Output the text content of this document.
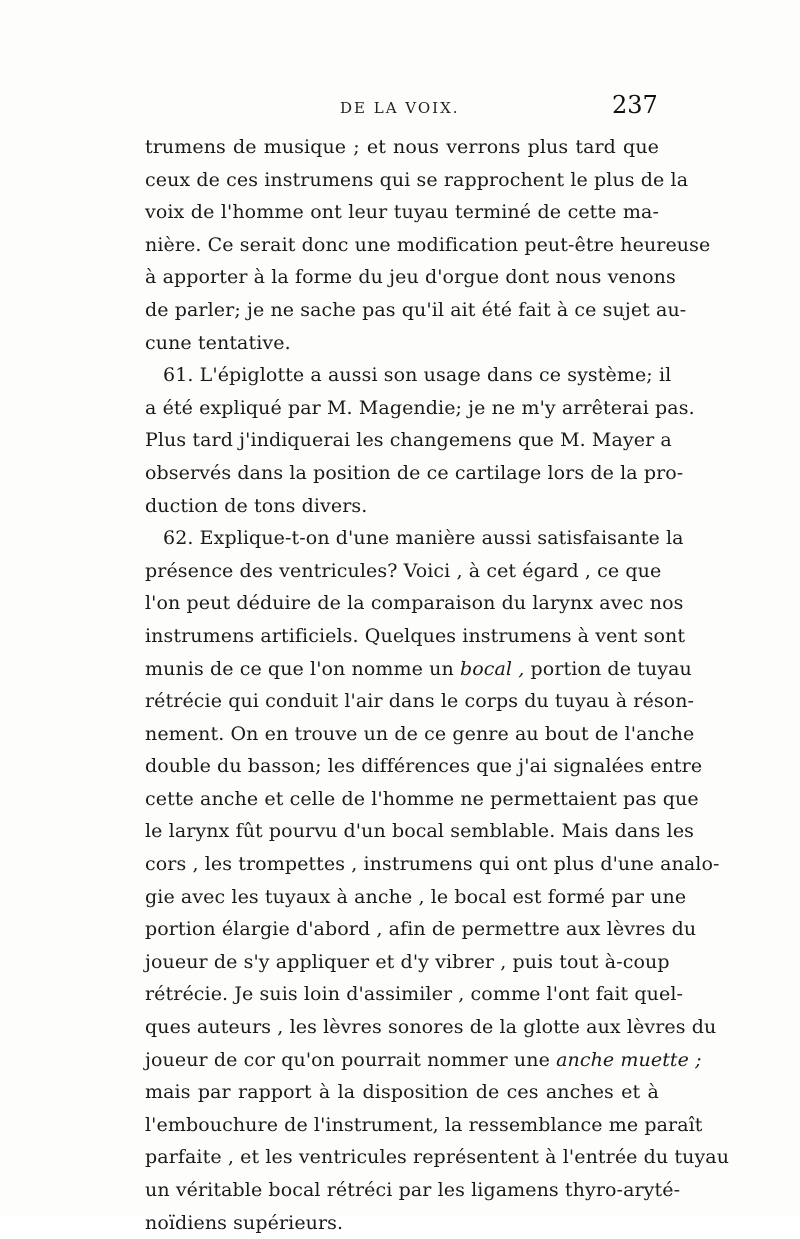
DE LA VOIX.	237
trumens de musique ; et nous verrons plus tard que
ceux de ces instrumens qui se rapprochent le plus de la
voix de l'homme ont leur tuyau terminé de cette ma-
nière. Ce serait donc une modification peut-être heureuse
à apporter à la forme du jeu d'orgue dont nous venons
de parler; je ne sache pas qu'il ait été fait à ce sujet au-
cune tentative.
61. L'épiglotte a aussi son usage dans ce système; il
a été expliqué par M. Magendie; je ne m'y arrêterai pas.
Plus tard j'indiquerai les changemens que M. Mayer a
observés dans la position de ce cartilage lors de la pro-
duction de tons divers.
62. Explique-t-on d'une manière aussi satisfaisante la
présence des ventricules? Voici , à cet égard , ce que
l'on peut déduire de la comparaison du larynx avec nos
instrumens artificiels. Quelques instrumens à vent sont
munis de ce que l'on nomme un bocal , portion de tuyau
rétrécie qui conduit l'air dans le corps du tuyau à réson-
nement. On en trouve un de ce genre au bout de l'anche
double du basson; les différences que j'ai signalées entre
cette anche et celle de l'homme ne permettaient pas que
le larynx fût pourvu d'un bocal semblable. Mais dans les
cors , les trompettes , instrumens qui ont plus d'une analo-
gie avec les tuyaux à anche , le bocal est formé par une
portion élargie d'abord , afin de permettre aux lèvres du
joueur de s'y appliquer et d'y vibrer , puis tout à-coup
rétrécie. Je suis loin d'assimiler , comme l'ont fait quel-
ques auteurs , les lèvres sonores de la glotte aux lèvres du
joueur de cor qu'on pourrait nommer une anche muette ;
mais par rapport à la disposition de ces anches et à
l'embouchure de l'instrument, la ressemblance me paraît
parfaite , et les ventricules représentent à l'entrée du tuyau
un véritable bocal rétréci par les ligamens thyro-aryté-
noïdiens supérieurs.
